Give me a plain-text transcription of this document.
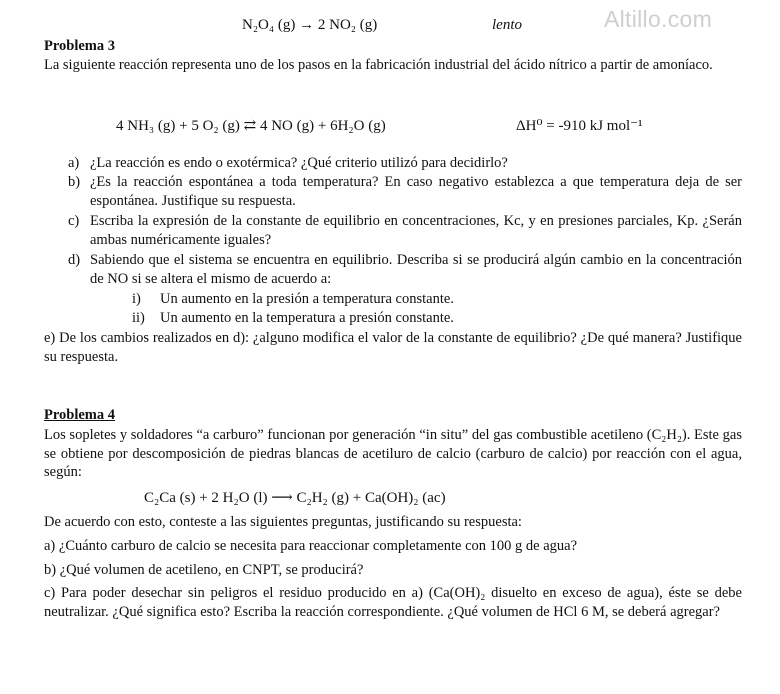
N₂O₄ (g) → 2 NO₂ (g)	lento	Altillo.com
Problema 3
La siguiente reacción representa uno de los pasos en la fabricación industrial del ácido nítrico a partir de amoníaco.
4 NH₃ (g) + 5 O₂ (g) ⇄ 4 NO (g) + 6H₂O (g)	ΔH⁰ = -910 kJ mol⁻¹
a) ¿La reacción es endo o exotérmica? ¿Qué criterio utilizó para decidirlo?
b) ¿Es la reacción espontánea a toda temperatura? En caso negativo establezca a que temperatura deja de ser espontánea. Justifique su respuesta.
c) Escriba la expresión de la constante de equilibrio en concentraciones, Kc, y en presiones parciales, Kp. ¿Serán ambas numéricamente iguales?
d) Sabiendo que el sistema se encuentra en equilibrio. Describa si se producirá algún cambio en la concentración de NO si se altera el mismo de acuerdo a:
i) Un aumento en la presión a temperatura constante.
ii) Un aumento en la temperatura a presión constante.
e) De los cambios realizados en d): ¿alguno modifica el valor de la constante de equilibrio? ¿De qué manera? Justifique su respuesta.
Problema 4
Los sopletes y soldadores “a carburo” funcionan por generación “in situ” del gas combustible acetileno (C₂H₂). Este gas se obtiene por descomposición de piedras blancas de acetiluro de calcio (carburo de calcio) por reacción con el agua, según:
C₂Ca (s) + 2 H₂O (l) ⟶ C₂H₂ (g) + Ca(OH)₂ (ac)
De acuerdo con esto, conteste a las siguientes preguntas, justificando su respuesta:
a) ¿Cuánto carburo de calcio se necesita para reaccionar completamente con 100 g de agua?
b) ¿Qué volumen de acetileno, en CNPT, se producirá?
c) Para poder desechar sin peligros el residuo producido en a) (Ca(OH)₂ disuelto en exceso de agua), éste se debe neutralizar. ¿Qué significa esto? Escriba la reacción correspondiente. ¿Qué volumen de HCl 6 M, se deberá agregar?
